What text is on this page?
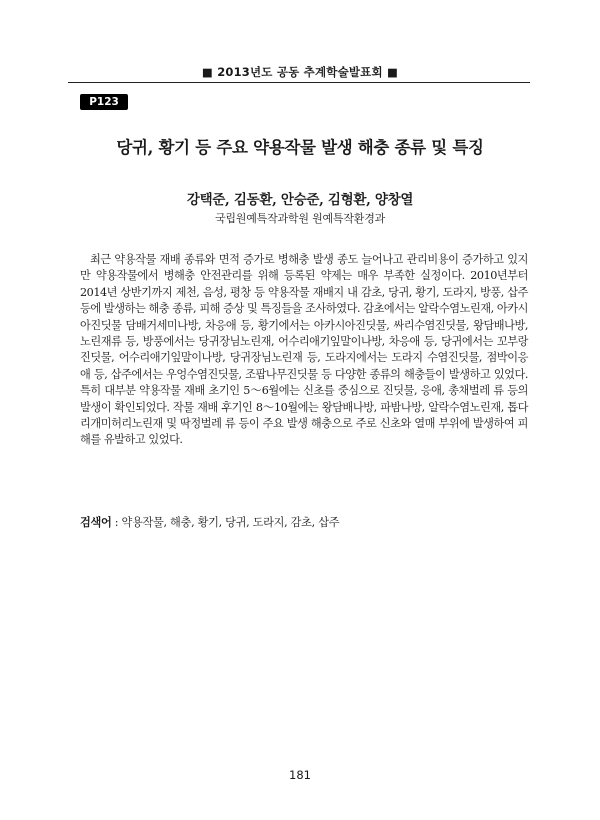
■ 2013년도 공동 추계학술발표회 ■
P123
당귀, 황기 등 주요 약용작물 발생 해충 종류 및 특징
강택준, 김동환, 안승준, 김형환, 양창열
국립원예특작과학원 원예특작환경과

최근 약용작물 재배 종류와 면적 증가로 병해충 발생 종도 늘어나고 관리비용이 증가하고 있지만 약용작물에서 병해충 안전관리를 위해 등록된 약제는 매우 부족한 실정이다. 2010년부터 2014년 상반기까지 제천, 음성, 평창 등 약용작물 재배지 내 감초, 당귀, 황기, 도라지, 방풍, 삽주 등에 발생하는 해충 종류, 피해 증상 및 특징들을 조사하였다. 감초에서는 알락수염노린재, 아카시아진딧물 담배거세미나방, 차응애 등, 황기에서는 아카시아진딧물, 싸리수염진딧물, 왕담배나방, 노린재류 등, 방풍에서는 당귀장님노린재, 어수리애기잎말이나방, 차응애 등, 당귀에서는 꼬부랑진딧물, 어수리애기잎말이나방, 당귀장님노린재 등, 도라지에서는 도라지 수염진딧물, 점박이응애 등, 삽주에서는 우엉수염진딧물, 조팝나무진딧물 등 다양한 종류의 해충들이 발생하고 있었다. 특히 대부분 약용작물 재배 초기인 5～6월에는 신초를 중심으로 진딧물, 응애, 총채벌레 류 등의 발생이 확인되었다. 작물 재배 후기인 8～10월에는 왕담배나방, 파밤나방, 알락수염노린재, 톱다리개미허리노린재 및 딱정벌레 류 등이 주요 발생 해충으로 주로 신초와 열매 부위에 발생하여 피해를 유발하고 있었다.

검색어 : 약용작물, 해충, 황기, 당귀, 도라지, 감초, 삽주
181
